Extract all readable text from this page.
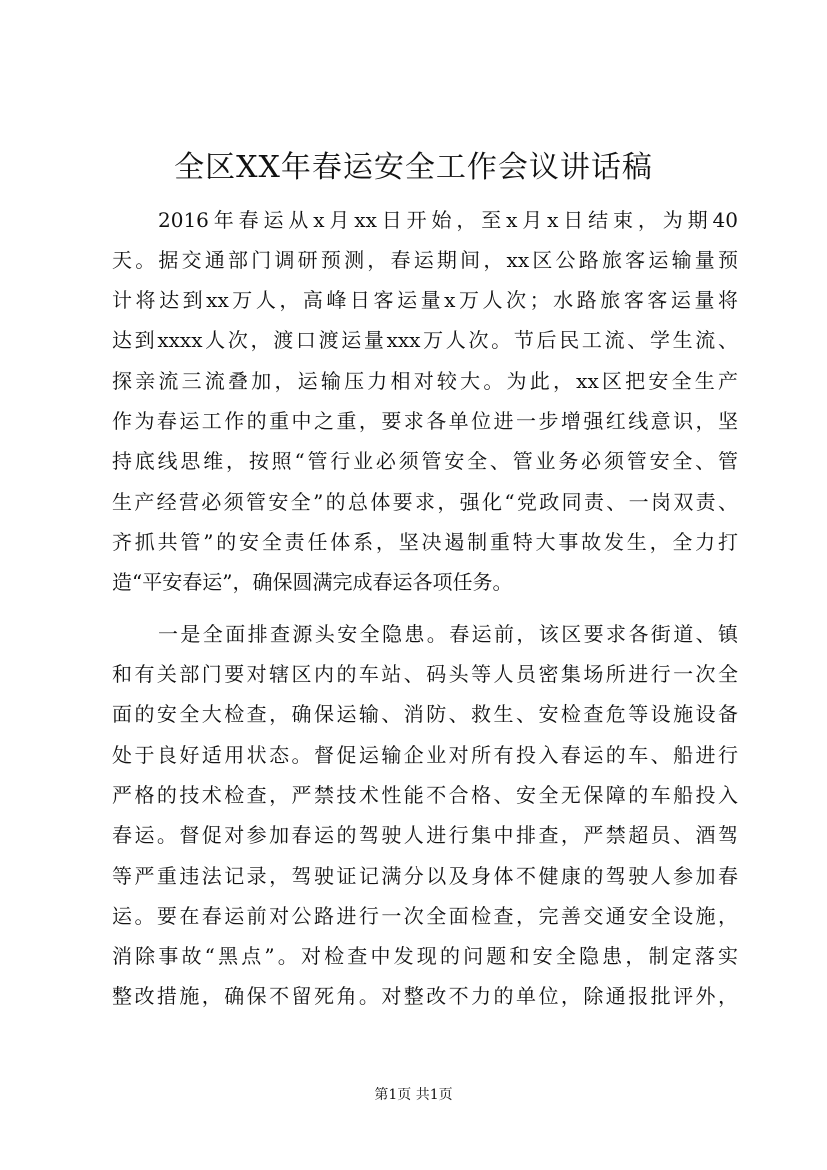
全区XX年春运安全工作会议讲话稿
2016年春运从x月xx日开始，至x月x日结束，为期40
天。据交通部门调研预测，春运期间，xx区公路旅客运输量预
计将达到xx万人，高峰日客运量x万人次；水路旅客客运量将
达到xxxx人次，渡口渡运量xxx万人次。节后民工流、学生流、
探亲流三流叠加，运输压力相对较大。为此，xx区把安全生产
作为春运工作的重中之重，要求各单位进一步增强红线意识，坚
持底线思维，按照“管行业必须管安全、管业务必须管安全、管
生产经营必须管安全”的总体要求，强化“党政同责、一岗双责、
齐抓共管”的安全责任体系，坚决遏制重特大事故发生，全力打
造“平安春运”，确保圆满完成春运各项任务。
一是全面排查源头安全隐患。春运前，该区要求各街道、镇
和有关部门要对辖区内的车站、码头等人员密集场所进行一次全
面的安全大检查，确保运输、消防、救生、安检查危等设施设备
处于良好适用状态。督促运输企业对所有投入春运的车、船进行
严格的技术检查，严禁技术性能不合格、安全无保障的车船投入
春运。督促对参加春运的驾驶人进行集中排查，严禁超员、酒驾
等严重违法记录，驾驶证记满分以及身体不健康的驾驶人参加春
运。要在春运前对公路进行一次全面检查，完善交通安全设施，
消除事故“黑点”。对检查中发现的问题和安全隐患，制定落实
整改措施，确保不留死角。对整改不力的单位，除通报批评外，
第1页 共1页
